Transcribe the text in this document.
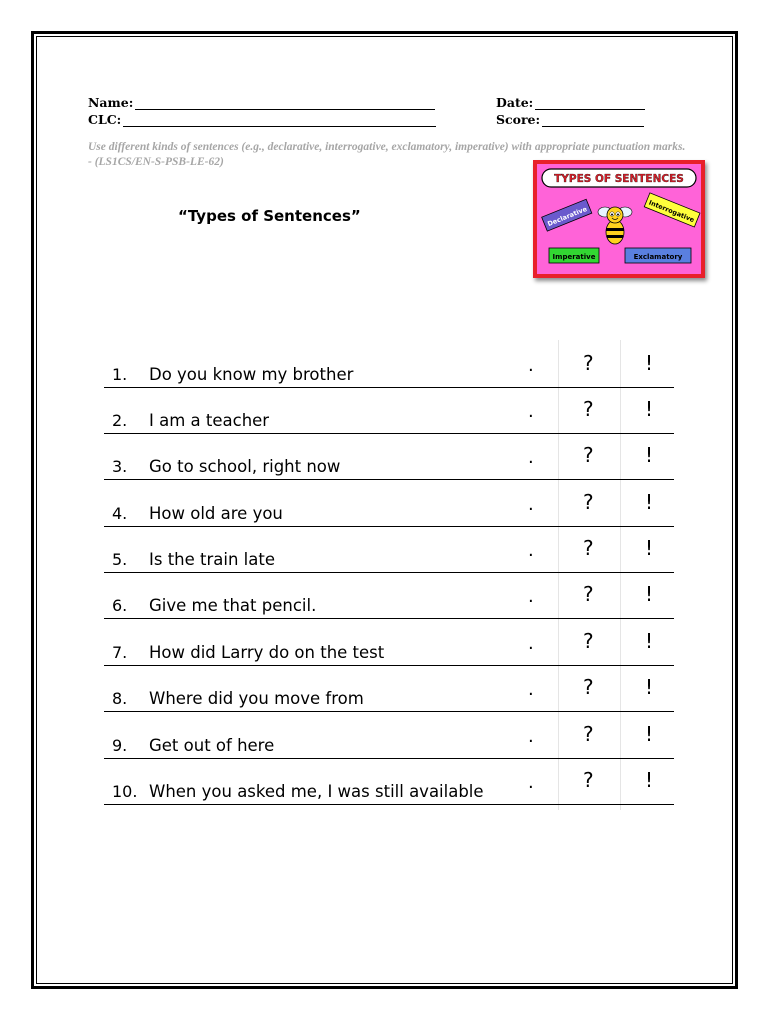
Name:
CLC:
Date:
Score:
Use different kinds of sentences (e.g., declarative, interrogative, exclamatory, imperative) with appropriate punctuation marks. - (LS1CS/EN-S-PSB-LE-62)
“Types of Sentences”
TYPES OF SENTENCES
Declarative	Interrogative
Imperative	Exclamatory
1. Do you know my brother	· ?	!
2. I am a teacher	· ?	!
3. Go to school, right now	· ?	!
4. How old are you	· ?	!
5. Is the train late	· ?	!
6. Give me that pencil.	· ?	!
7. How did Larry do on the test	· ?	!
8. Where did you move from	· ?	!
9. Get out of here	· ?	!
10. When you asked me, I was still available · ?	!
